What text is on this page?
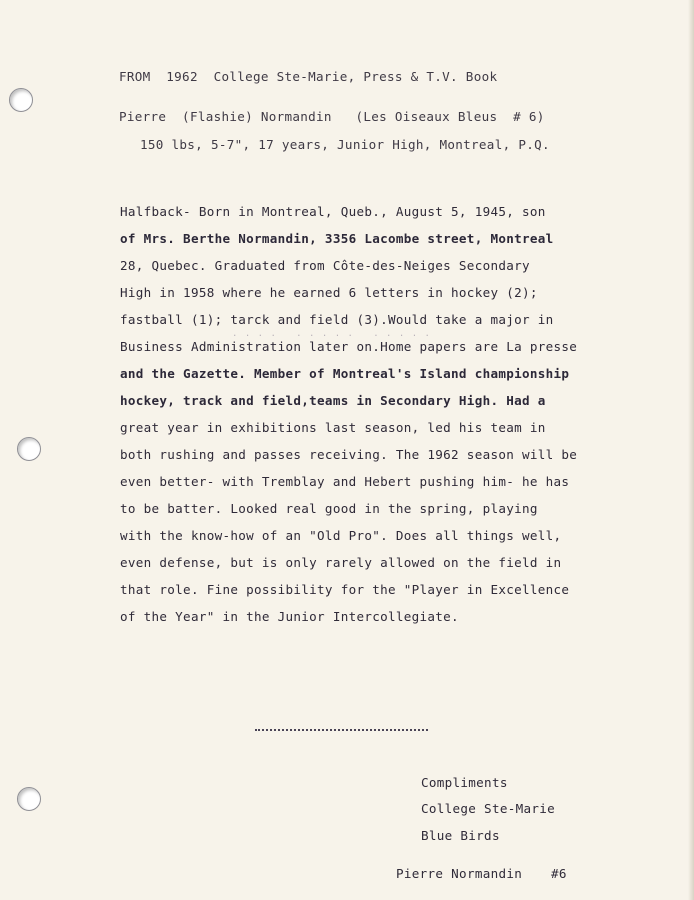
FROM  1962  College Ste-Marie, Press & T.V. Book
Pierre  (Flashie) Normandin   (Les Oiseaux Bleus  # 6)
150 lbs, 5-7", 17 years, Junior High, Montreal, P.Q.
. . . .   . . . . .   . . . . .
Halfback- Born in Montreal, Queb., August 5, 1945, son
of Mrs. Berthe Normandin, 3356 Lacombe street, Montreal
28, Quebec. Graduated from Côte-des-Neiges Secondary
High in 1958 where he earned 6 letters in hockey (2);
fastball (1); tarck and field (3).Would take a major in
Business Administration later on.Home papers are La presse
and the Gazette. Member of Montreal's Island championship
hockey, track and field,teams in Secondary High. Had a
great year in exhibitions last season, led his team in
both rushing and passes receiving. The 1962 season will be
even better- with Tremblay and Hebert pushing him- he has
to be batter. Looked real good in the spring, playing
with the know-how of an "Old Pro". Does all things well,
even defense, but is only rarely allowed on the field in
that role. Fine possibility for the "Player in Excellence
of the Year" in the Junior Intercollegiate.
Compliments
College Ste-Marie
Blue Birds
Pierre Normandin #6
